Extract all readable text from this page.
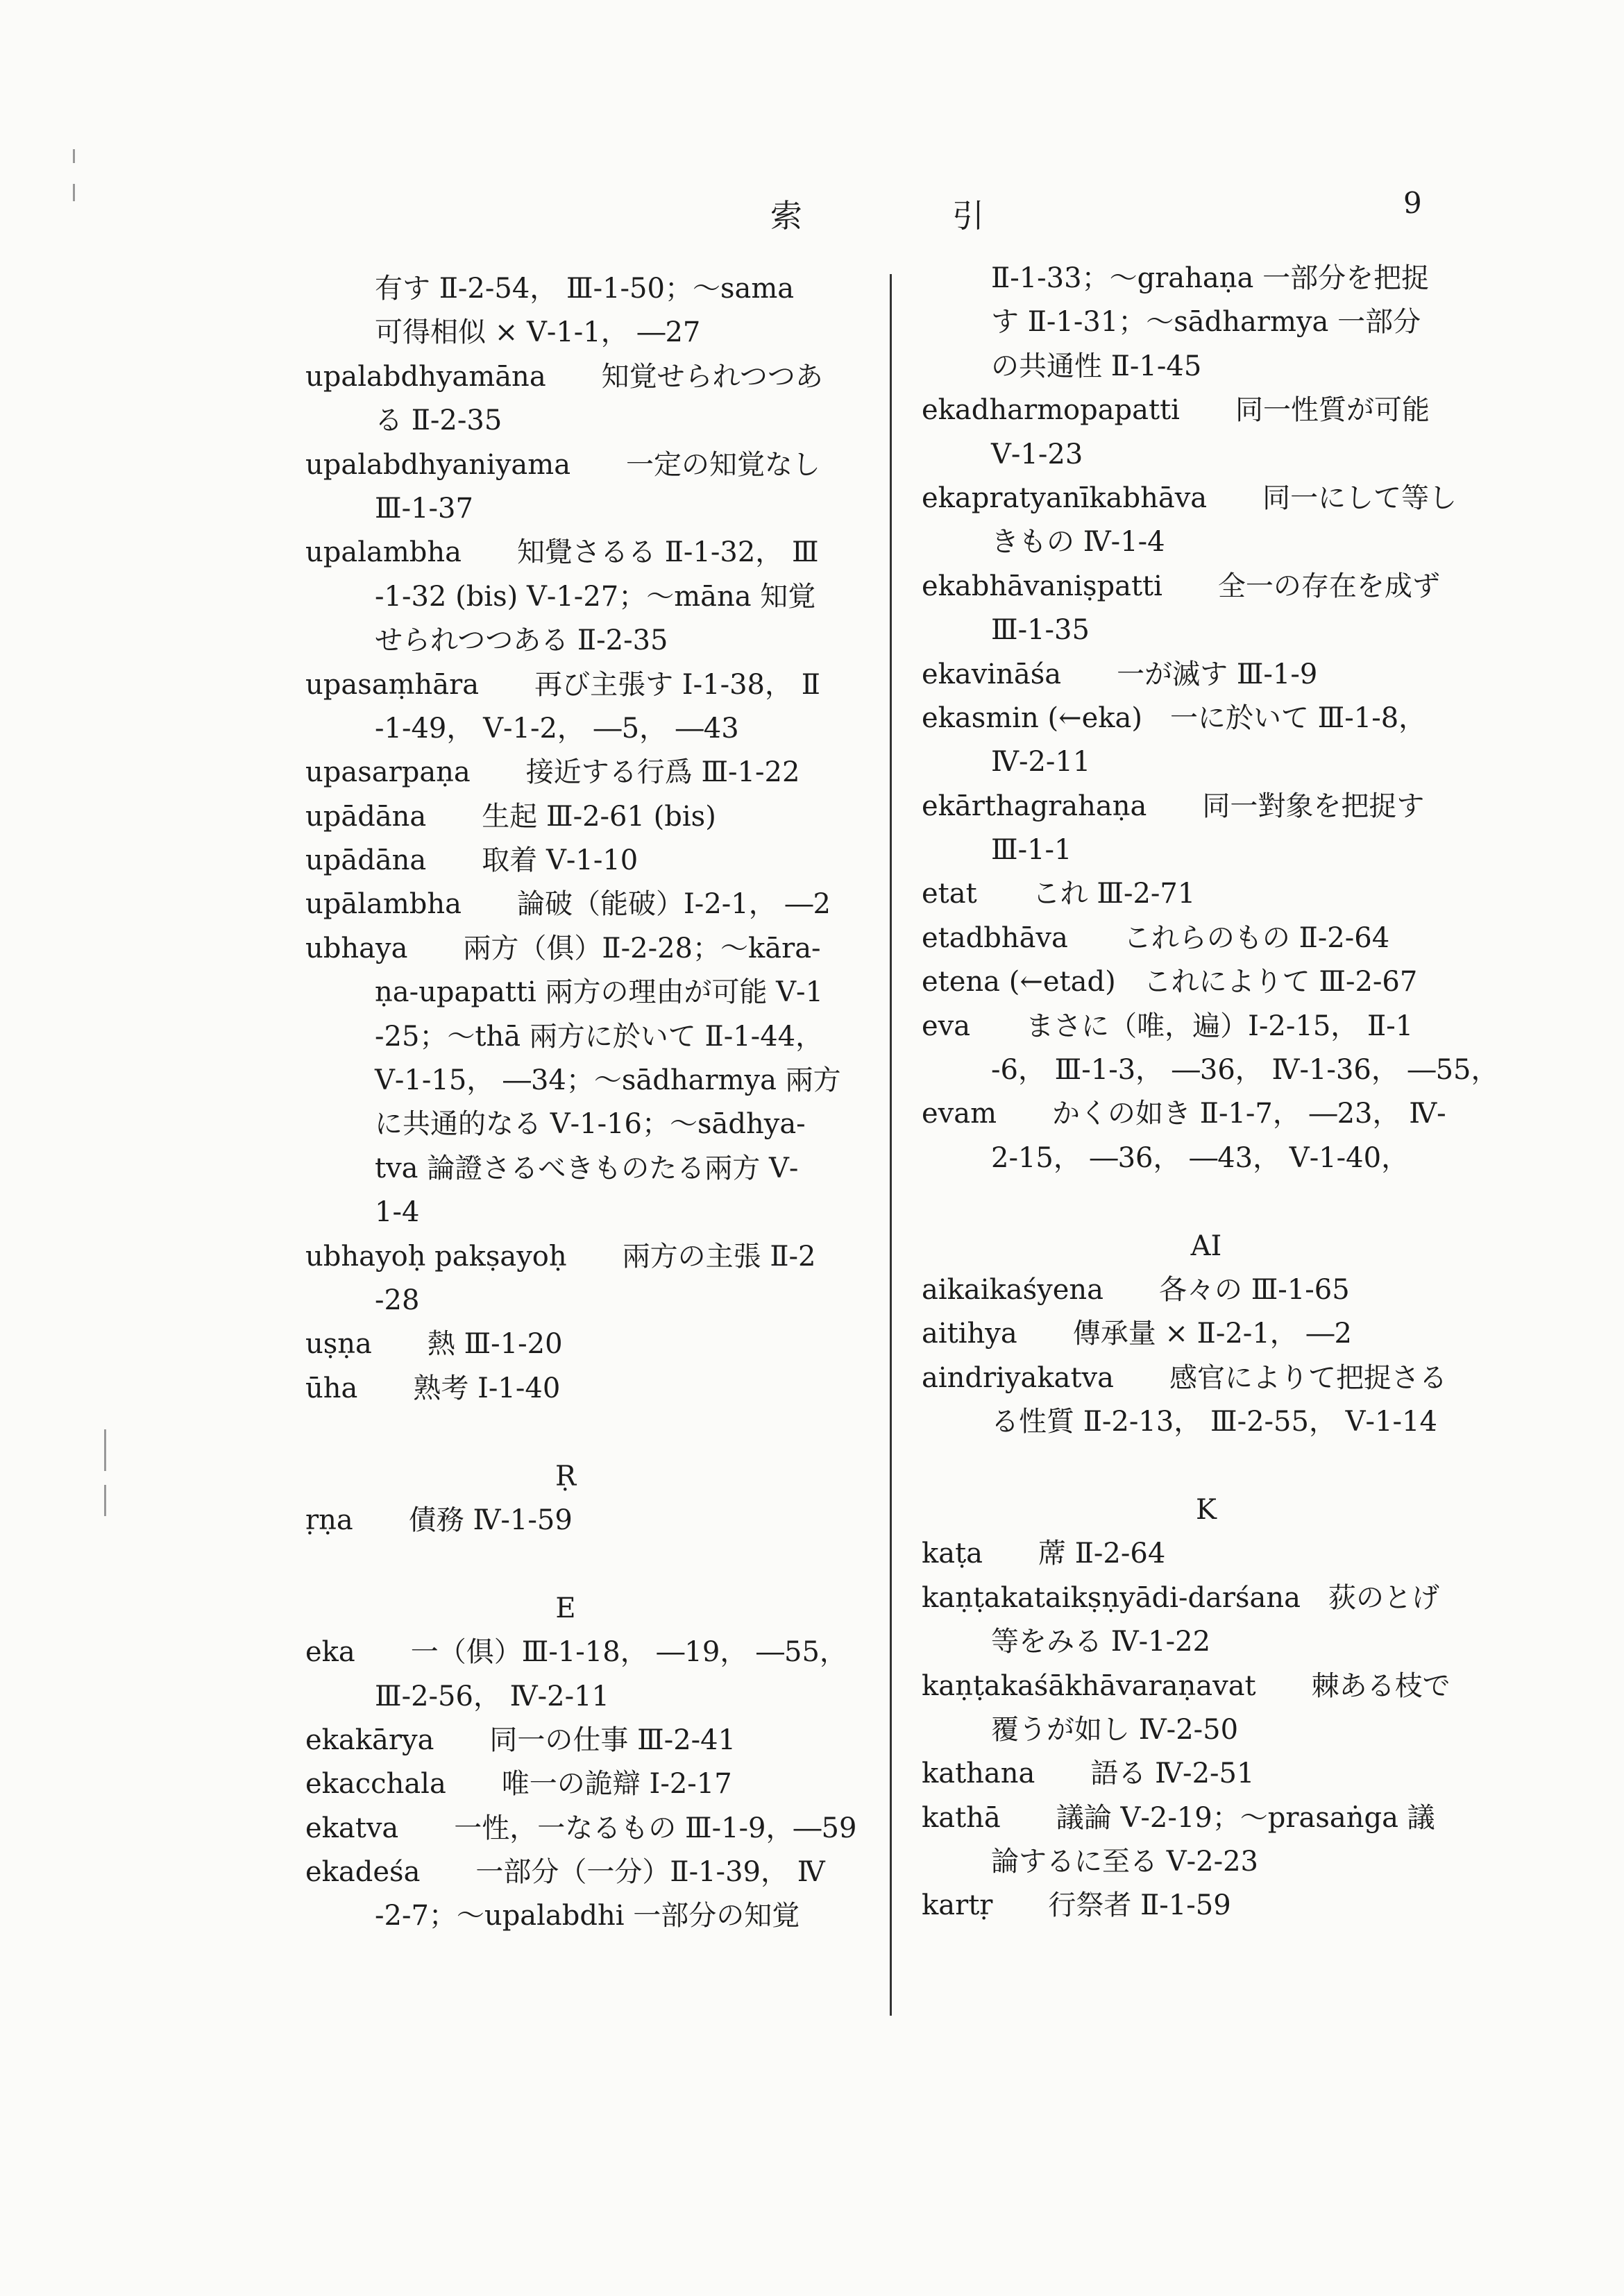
索	引	9
有す Ⅱ-2-54， Ⅲ-1-50；～sama
可得相似 × Ⅴ-1-1， ―27
upalabdhyamāna　　知覚せられつつあ
る Ⅱ-2-35
upalabdhyaniyama　　一定の知覚なし
Ⅲ-1-37
upalambha　　知覺さるる Ⅱ-1-32， Ⅲ
-1-32 (bis) Ⅴ-1-27；～māna 知覚
せられつつある Ⅱ-2-35
upasaṃhāra　　再び主張す Ⅰ-1-38， Ⅱ
-1-49， Ⅴ-1-2， ―5， ―43
upasarpaṇa　　接近する行爲 Ⅲ-1-22
upādāna　　生起 Ⅲ-2-61 (bis)
upādāna　　取着 Ⅴ-1-10
upālambha　　論破（能破）Ⅰ-2-1， ―2
ubhaya　　兩方（俱）Ⅱ-2-28；～kāra-
ṇa-upapatti 兩方の理由が可能 Ⅴ-1
-25；～thā 兩方に於いて Ⅱ-1-44，
Ⅴ-1-15， ―34；～sādharmya 兩方
に共通的なる Ⅴ-1-16；～sādhya-
tva 論證さるべきものたる兩方 Ⅴ-
1-4
ubhayoḥ pakṣayoḥ　　兩方の主張 Ⅱ-2
-28
uṣṇa　　熱 Ⅲ-1-20
ūha　　熟考 Ⅰ-1-40
Ṛ
ṛṇa　　債務 Ⅳ-1-59
E
eka　　一（俱）Ⅲ-1-18， ―19， ―55，
Ⅲ-2-56， Ⅳ-2-11
ekakārya　　同一の仕事 Ⅲ-2-41
ekacchala　　唯一の詭辯 Ⅰ-2-17
ekatva　　一性，一なるもの Ⅲ-1-9，―59
ekadeśa　　一部分（一分）Ⅱ-1-39， Ⅳ
-2-7；～upalabdhi 一部分の知覚
Ⅱ-1-33；～grahaṇa 一部分を把捉
す Ⅱ-1-31；～sādharmya 一部分
の共通性 Ⅱ-1-45
ekadharmopapatti　　同一性質が可能
Ⅴ-1-23
ekapratyanīkabhāva　　同一にして等し
きもの Ⅳ-1-4
ekabhāvaniṣpatti　　全一の存在を成ず
Ⅲ-1-35
ekavināśa　　一が滅す Ⅲ-1-9
ekasmin (←eka)　一に於いて Ⅲ-1-8，
Ⅳ-2-11
ekārthagrahaṇa　　同一對象を把捉す
Ⅲ-1-1
etat　　これ Ⅲ-2-71
etadbhāva　　これらのもの Ⅱ-2-64
etena (←etad)　これによりて Ⅲ-2-67
eva　　まさに（唯，遍）Ⅰ-2-15， Ⅱ-1
-6， Ⅲ-1-3， ―36， Ⅳ-1-36， ―55，
evam　　かくの如き Ⅱ-1-7， ―23， Ⅳ-
2-15， ―36， ―43， Ⅴ-1-40，
AI
aikaikaśyena　　各々の Ⅲ-1-65
aitihya　　傳承量 × Ⅱ-2-1， ―2
aindriyakatva　　感官によりて把捉さる
る性質 Ⅱ-2-13， Ⅲ-2-55， Ⅴ-1-14
K
kaṭa　　蓆 Ⅱ-2-64
kaṇṭakataikṣṇyādi-darśana　荻のとげ
等をみる Ⅳ-1-22
kaṇṭakaśākhāvaraṇavat　　棘ある枝で
覆うが如し Ⅳ-2-50
kathana　　語る Ⅳ-2-51
kathā　　議論 Ⅴ-2-19；～prasaṅga 議
論するに至る Ⅴ-2-23
kartṛ　　行祭者 Ⅱ-1-59
